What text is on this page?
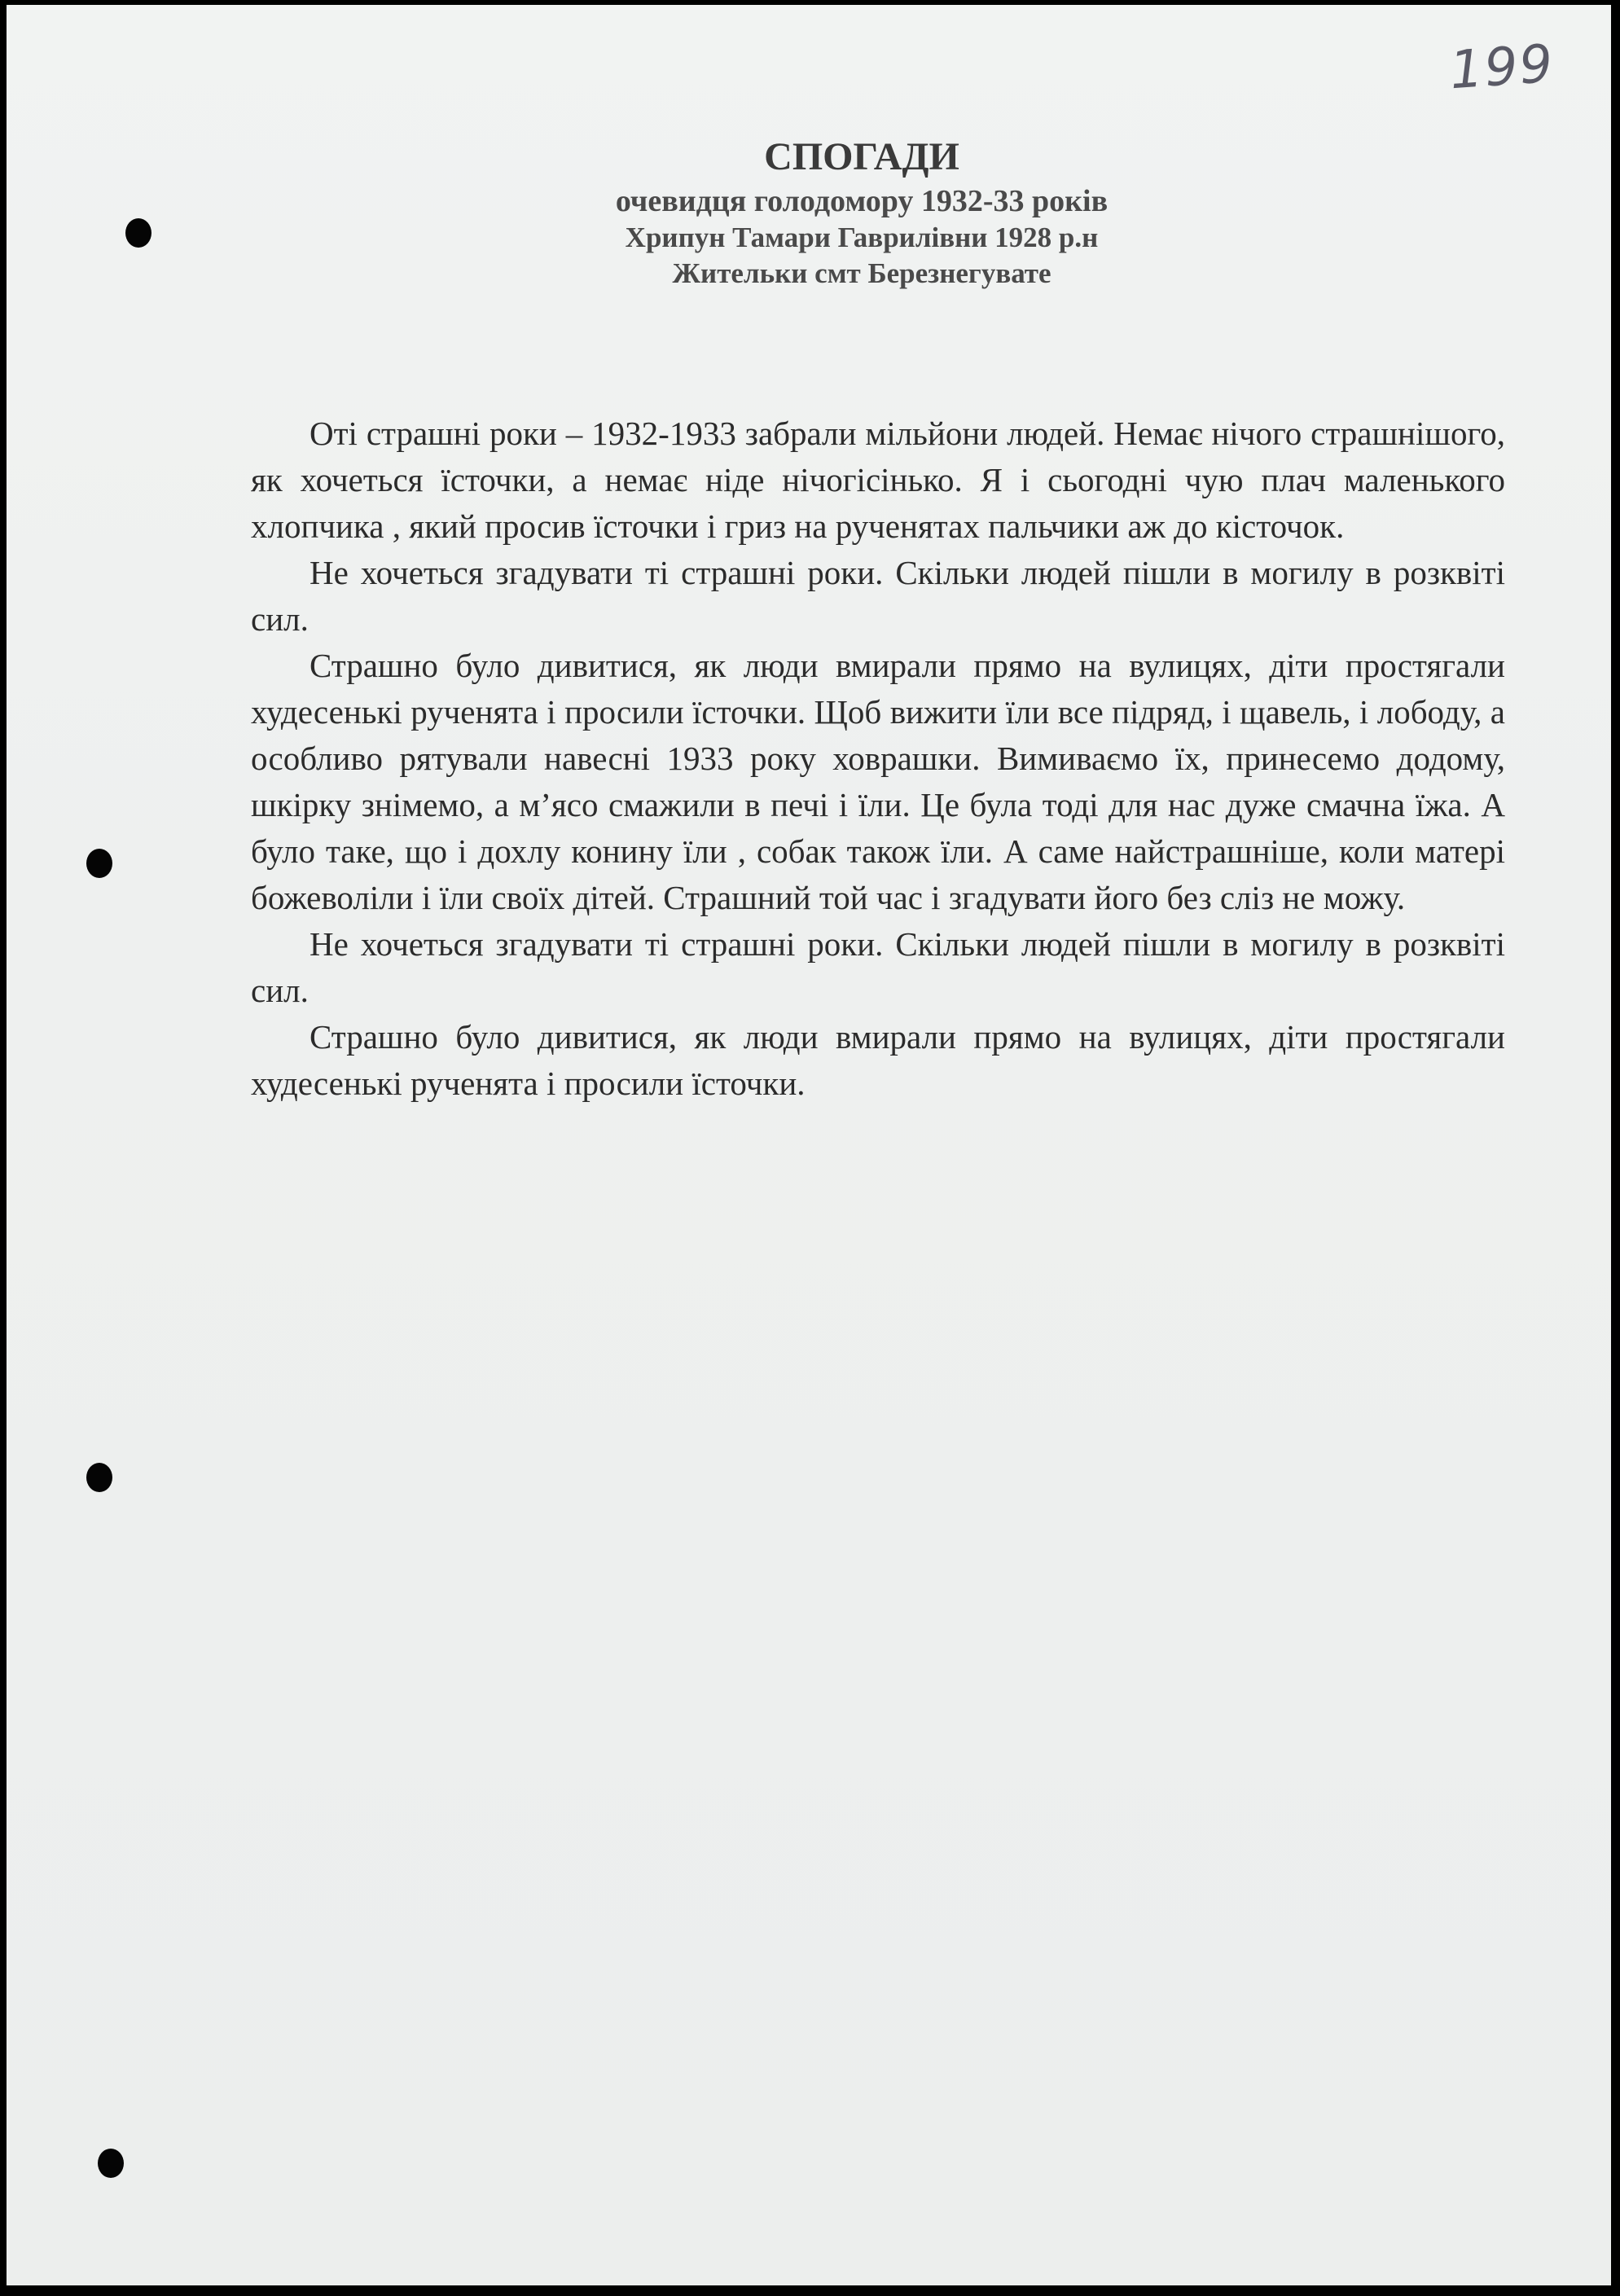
199
СПОГАДИ
очевидця голодомору 1932-33 років
Хрипун Тамари Гаврилівни 1928 р.н
Жительки смт Березнегувате

Оті страшні роки – 1932-1933 забрали мільйони людей. Немає нічого страшнішого, як хочеться їсточки, а немає ніде нічогісінько. Я і сьогодні чую плач маленького хлопчика , який просив їсточки і гриз на рученятах пальчики аж до кісточок.

Не хочеться згадувати ті страшні роки. Скільки людей пішли в могилу в розквіті сил.

Страшно було дивитися, як люди вмирали прямо на вулицях, діти простягали худесенькі рученята і просили їсточки. Щоб вижити їли все підряд, і щавель, і лободу, а особливо рятували навесні 1933 року ховрашки. Вимиваємо їх, принесемо додому, шкірку знімемо, а м’ясо смажили в печі і їли. Це була тоді для нас дуже смачна їжа. А було таке, що і дохлу конину їли , собак також їли. А саме найстрашніше, коли матері божеволіли і їли своїх дітей. Страшний той час і згадувати його без сліз не можу.

Не хочеться згадувати ті страшні роки. Скільки людей пішли в могилу в розквіті сил.

Страшно було дивитися, як люди вмирали прямо на вулицях, діти простягали худесенькі рученята і просили їсточки.
